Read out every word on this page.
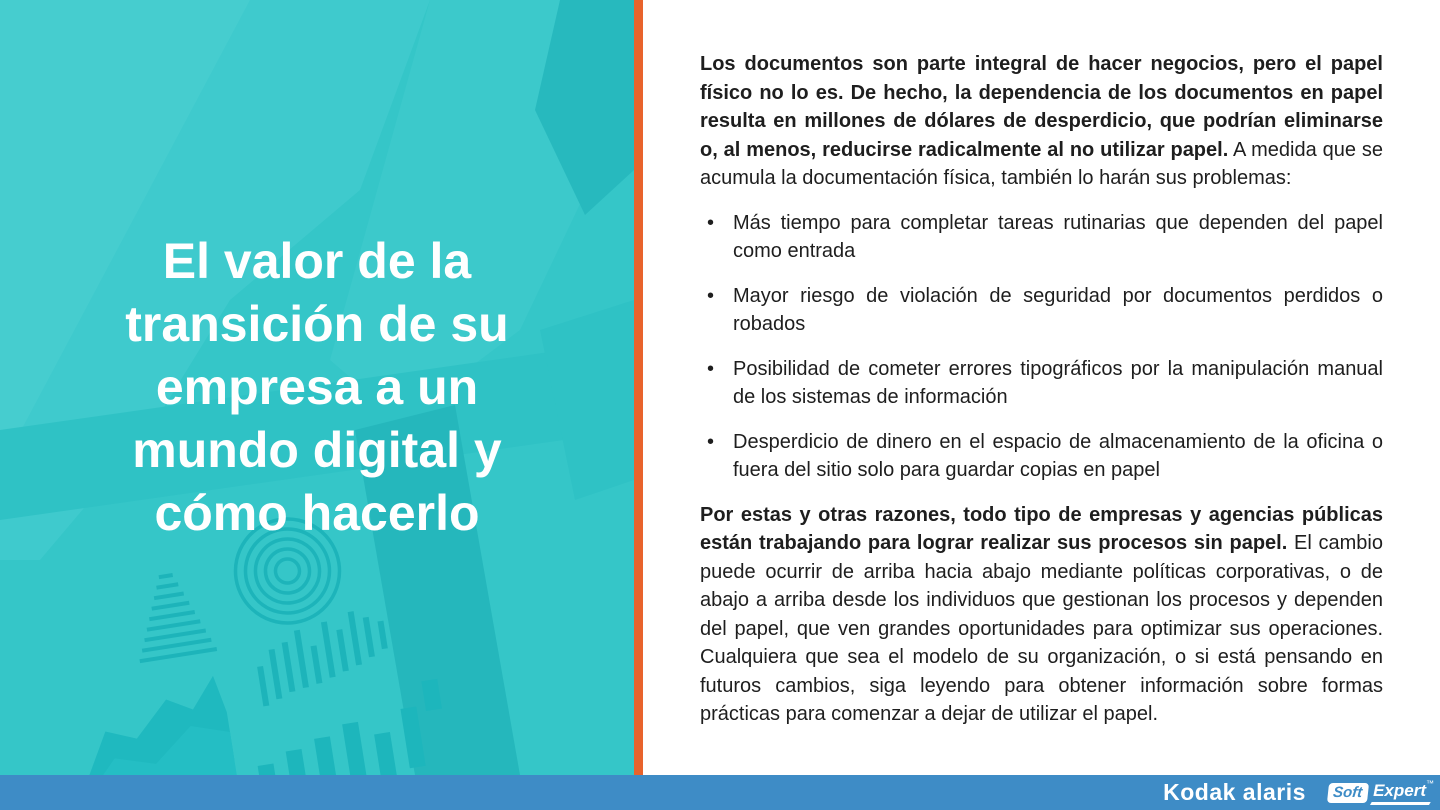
El valor de la
transición de su
empresa a un
mundo digital y
cómo hacerlo

Los documentos son parte integral de hacer negocios, pero el papel físico no lo es. De hecho, la dependencia de los documentos en papel resulta en millones de dólares de desperdicio, que podrían eliminarse o, al menos, reducirse radicalmente al no utilizar papel. A medida que se acumula la documentación física, también lo harán sus problemas:

• Más tiempo para completar tareas rutinarias que dependen del papel como entrada
• Mayor riesgo de violación de seguridad por documentos perdidos o robados
• Posibilidad de cometer errores tipográficos por la manipulación manual de los sistemas de información
• Desperdicio de dinero en el espacio de almacenamiento de la oficina o fuera del sitio solo para guardar copias en papel

Por estas y otras razones, todo tipo de empresas y agencias públicas están trabajando para lograr realizar sus procesos sin papel. El cambio puede ocurrir de arriba hacia abajo mediante políticas corporativas, o de abajo a arriba desde los individuos que gestionan los procesos y dependen del papel, que ven grandes oportunidades para optimizar sus operaciones. Cualquiera que sea el modelo de su organización, o si está pensando en futuros cambios, siga leyendo para obtener información sobre formas prácticas para comenzar a dejar de utilizar el papel.

Kodak alaris	Soft Expert ™
